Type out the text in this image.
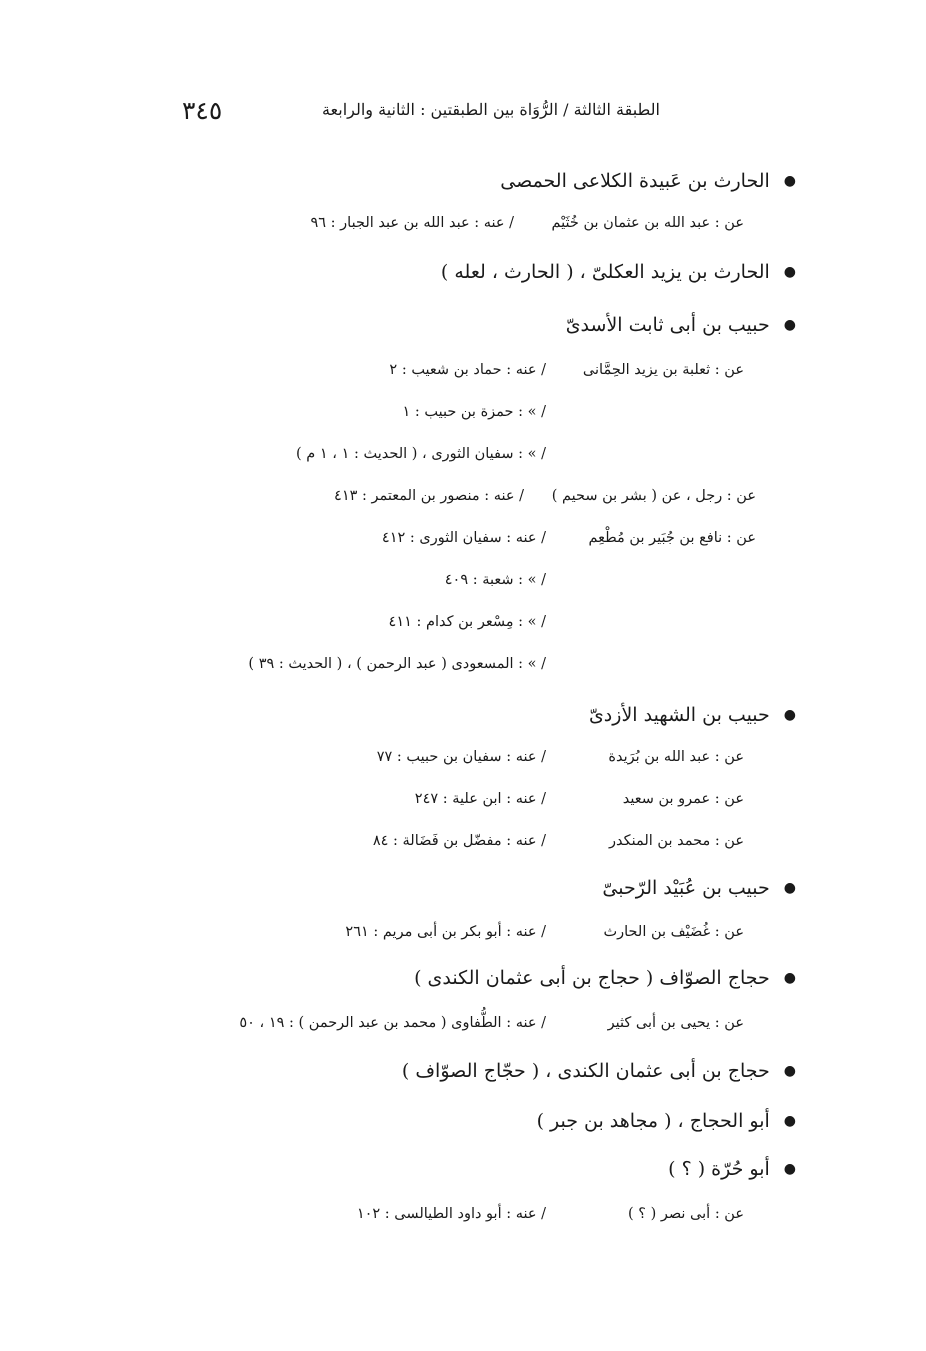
٣٤٥	الطبقة الثالثة / الرُّوَاة بين الطبقتين : الثانية والرابعة
●
الحارث بن عَبيدة الكلاعى الحمصى
عن : عبد الله بن عثمان بن خُثَيْم/ عنه : عبد الله بن عبد الجبار : ٩٦
●
الحارث بن يزيد العكلىّ ، ( الحارث ، لعله )
●
حبيب بن أبى ثابت الأسدىّ
عن : ثعلبة بن يزيد الحِمَّانى/ عنه : حماد بن شعيب : ٢
/ » : حمزة بن حبيب : ١
/ » : سفيان الثورى ، ( الحديث : ١ ، ١ م )
عن : رجل ، عن ( بشر بن سحيم )/ عنه : منصور بن المعتمر : ٤١٣
عن : نافع بن جُبَير بن مُطْعِم/ عنه : سفيان الثورى : ٤١٢
/ » : شعبة : ٤٠٩
/ » : مِسْعر بن كدام : ٤١١
/ » : المسعودى ( عبد الرحمن ) ، ( الحديث : ٣٩ )
●
حبيب بن الشهيد الأزدىّ
عن : عبد الله بن بُرَيدة/ عنه : سفيان بن حبيب : ٧٧
عن : عمرو بن سعيد/ عنه : ابن علية : ٢٤٧
عن : محمد بن المنكدر/ عنه : مفضّل بن فَضَالة : ٨٤
●
حبيب بن عُبَيْد الرّحبىّ
عن : غُضَيْف بن الحارث/ عنه : أبو بكر بن أبى مريم : ٢٦١
●
حجاج الصوّاف ( حجاج بن أبى عثمان الكندى )
عن : يحيى بن أبى كثير/ عنه : الطُّفاوى ( محمد بن عبد الرحمن ) : ١٩ ، ٥٠
●
حجاج بن أبى عثمان الكندى ، ( حجّاج الصوّاف )
●
أبو الحجاج ، ( مجاهد بن جبر )
●
أبو حُرّة ( ؟ )
عن : أبى نصر ( ؟ )/ عنه : أبو داود الطيالسى : ١٠٢
